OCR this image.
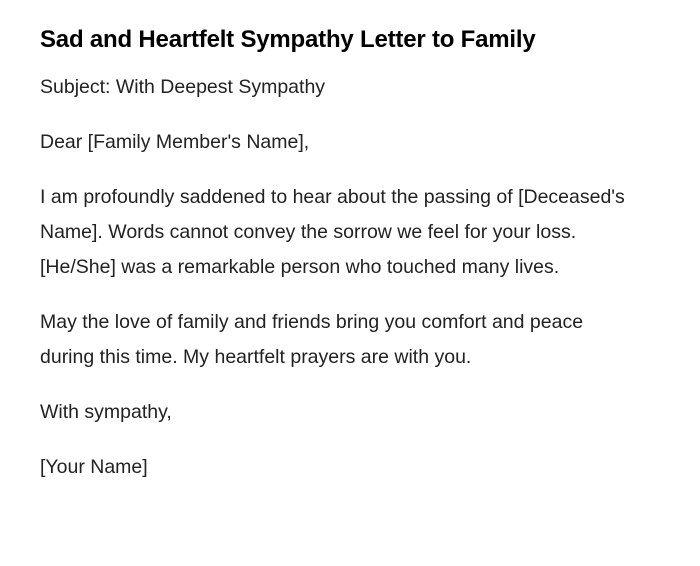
Sad and Heartfelt Sympathy Letter to Family

Subject: With Deepest Sympathy

Dear [Family Member's Name],

I am profoundly saddened to hear about the passing of [Deceased's Name]. Words cannot convey the sorrow we feel for your loss. [He/She] was a remarkable person who touched many lives.

May the love of family and friends bring you comfort and peace during this time. My heartfelt prayers are with you.

With sympathy,

[Your Name]
